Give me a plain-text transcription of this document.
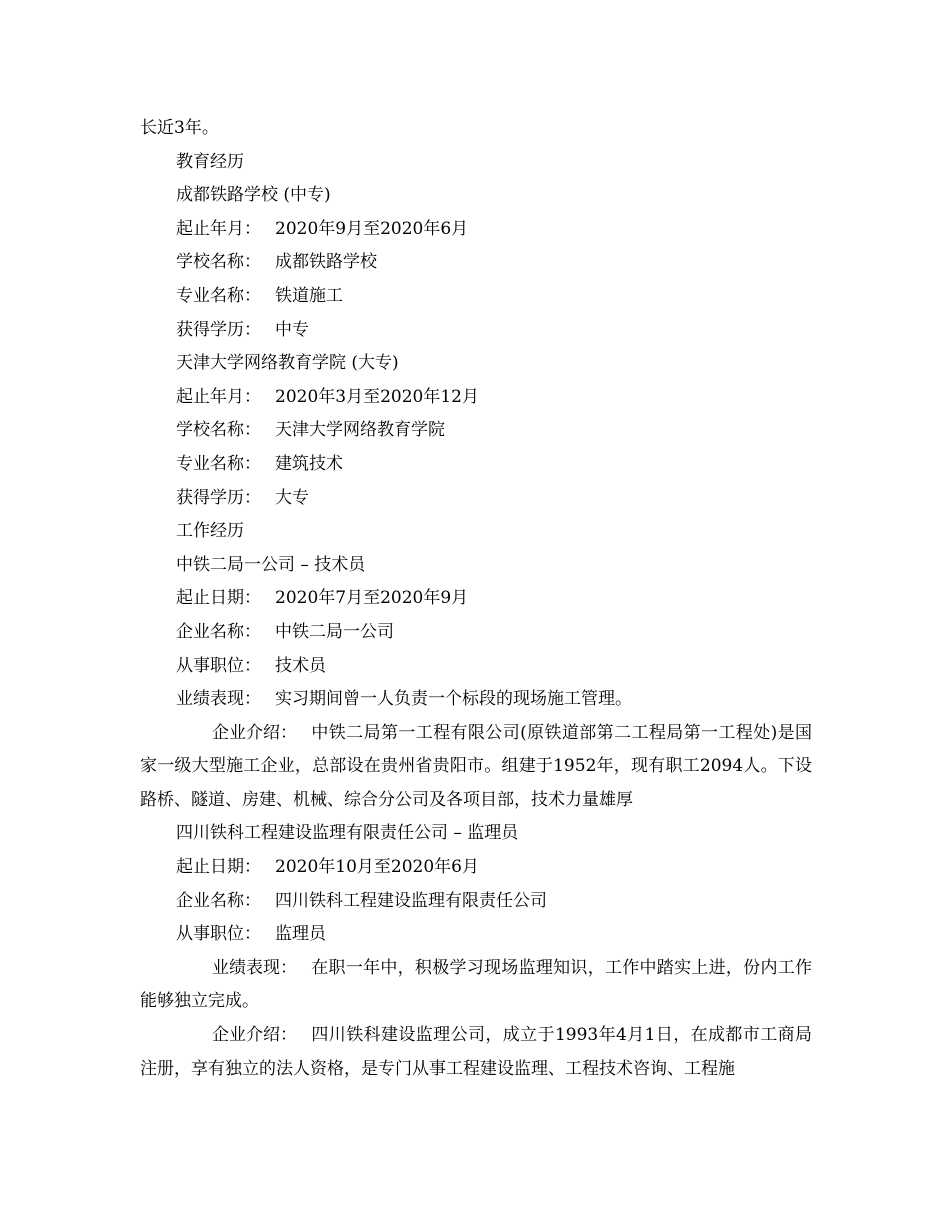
长近3年。
教育经历
成都铁路学校 (中专)
起止年月： 2020年9月至2020年6月
学校名称： 成都铁路学校
专业名称： 铁道施工
获得学历： 中专
天津大学网络教育学院 (大专)
起止年月： 2020年3月至2020年12月
学校名称： 天津大学网络教育学院
专业名称： 建筑技术
获得学历： 大专
工作经历
中铁二局一公司 – 技术员
起止日期： 2020年7月至2020年9月
企业名称： 中铁二局一公司
从事职位： 技术员
业绩表现： 实习期间曾一人负责一个标段的现场施工管理。
企业介绍： 中铁二局第一工程有限公司(原铁道部第二工程局第一工程处)是国家一级大型施工企业，总部设在贵州省贵阳市。组建于1952年，现有职工2094人。下设路桥、隧道、房建、机械、综合分公司及各项目部，技术力量雄厚
四川铁科工程建设监理有限责任公司 – 监理员
起止日期： 2020年10月至2020年6月
企业名称： 四川铁科工程建设监理有限责任公司
从事职位： 监理员
业绩表现： 在职一年中，积极学习现场监理知识，工作中踏实上进，份内工作能够独立完成。
企业介绍： 四川铁科建设监理公司，成立于1993年4月1日，在成都市工商局注册，享有独立的法人资格，是专门从事工程建设监理、工程技术咨询、工程施
